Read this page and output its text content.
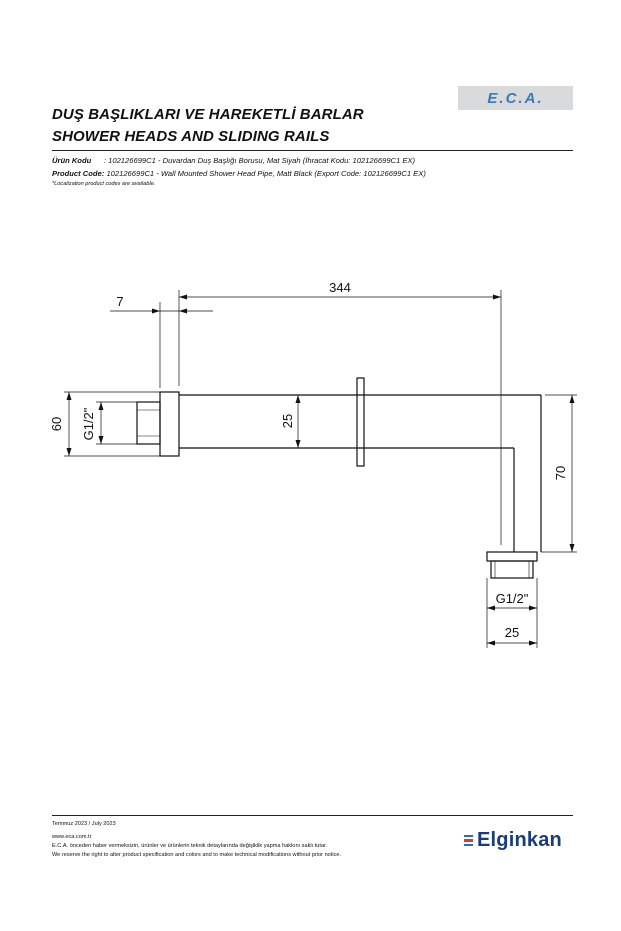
DUŞ BAŞLIKLARI VE HAREKETLİ BARLAR
SHOWER HEADS AND SLIDING RAILS
E.C.A.
Ürün Kodu : 102126699C1 - Duvardan Duş Başlığı Borusu, Mat Siyah (İhracat Kodu: 102126699C1 EX)
Product Code: 102126699C1 - Wall Mounted Shower Head Pipe, Matt Black (Export Code: 102126699C1 EX)
*Localization product codes are available.
344
7
60 G1/2"	25
70
G1/2"
25
Temmuz 2023 / July 2023
www.eca.com.tr
E.C.A. önceden haber vermeksizin, ürünler ve ürünlerin teknik detaylarında değişiklik yapma hakkını saklı tutar.
We reserve the right to alter product specification and colors and to make technical modifications without prior notice.
Elginkan
